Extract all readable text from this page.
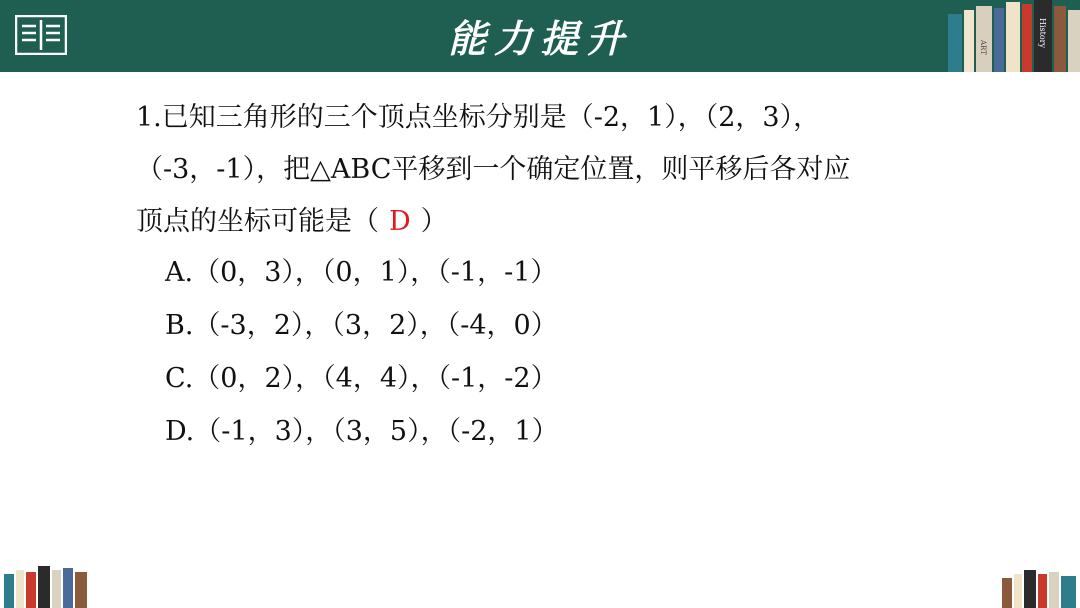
能力提升	ART	History
1.已知三角形的三个顶点坐标分别是（-2，1），（2，3），
（-3，-1），把△ABC平移到一个确定位置，则平移后各对应
顶点的坐标可能是（ D ）
A.（0，3），（0，1），（-1，-1）
B.（-3，2），（3，2），（-4，0）
C.（0，2），（4，4），（-1，-2）
D.（-1，3），（3，5），（-2，1）
